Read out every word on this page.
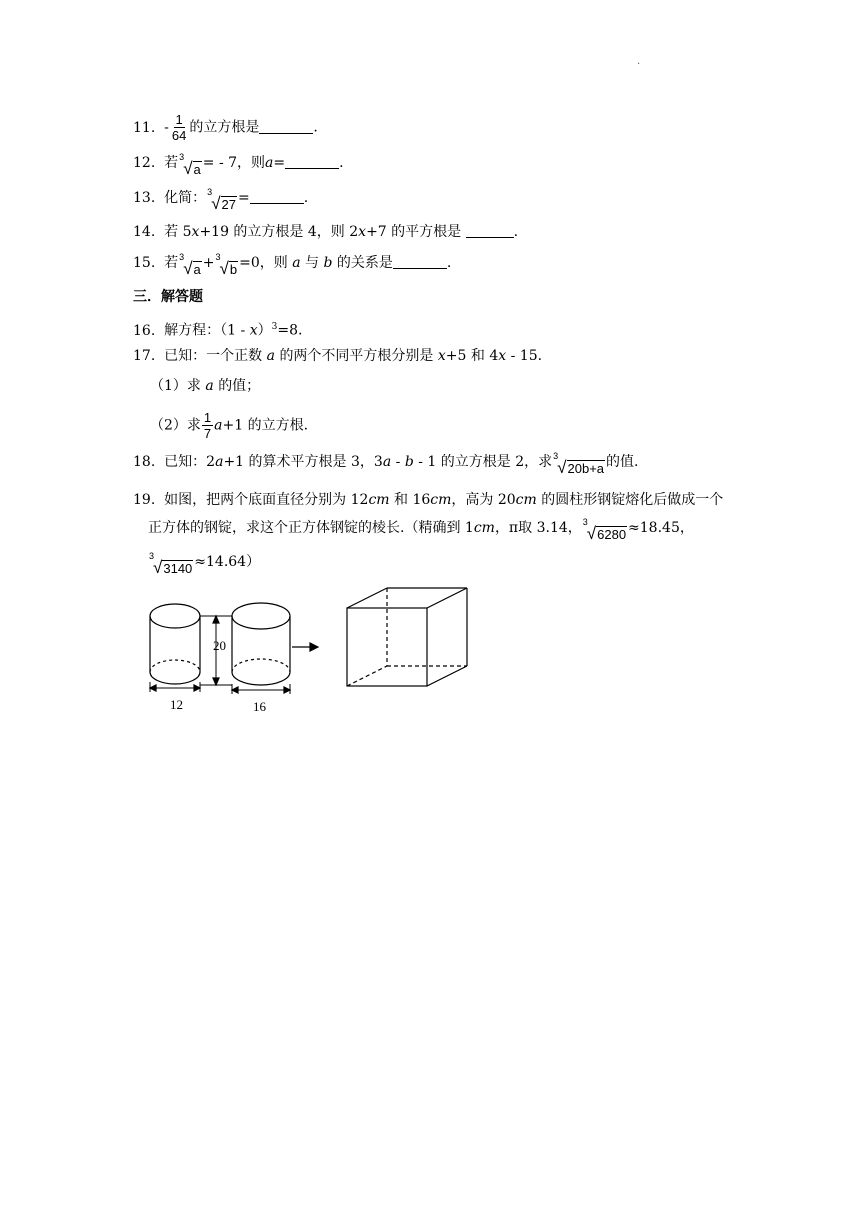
.
11. - $\frac{1}{64}$ 的立方根是	.
12. 若 3
√ a = - 7，则a=	.
13. 化简： 3
√ 27 =	.
14. 若 5x+19 的立方根是 4，则 2x+7 的平方根是	.
15. 若 3
√ a + 3
√ b =0，则 a 与 b 的关系是	.
三．解答题
16. 解方程：（1 - x）$^3$=8.
17. 已知：一个正数 a 的两个不同平方根分别是 x+5 和 4x - 15.
（1）求 a 的值；
（2）求 $\frac{1}{7} a+1$ 的立方根.
18. 已知：2a+1 的算术平方根是 3，3a - b - 1 的立方根是 2，求 3
√ 20b+a 的值.
19. 如图，把两个底面直径分别为 12cm 和 16cm，高为 20cm 的圆柱形钢锭熔化后做成一个
正方体的钢锭，求这个正方体钢锭的棱长.（精确到 1cm，π取 3.14， 3
√ 6280 ≈18.45，
3
√ 3140 ≈14.64）
12	16
20
